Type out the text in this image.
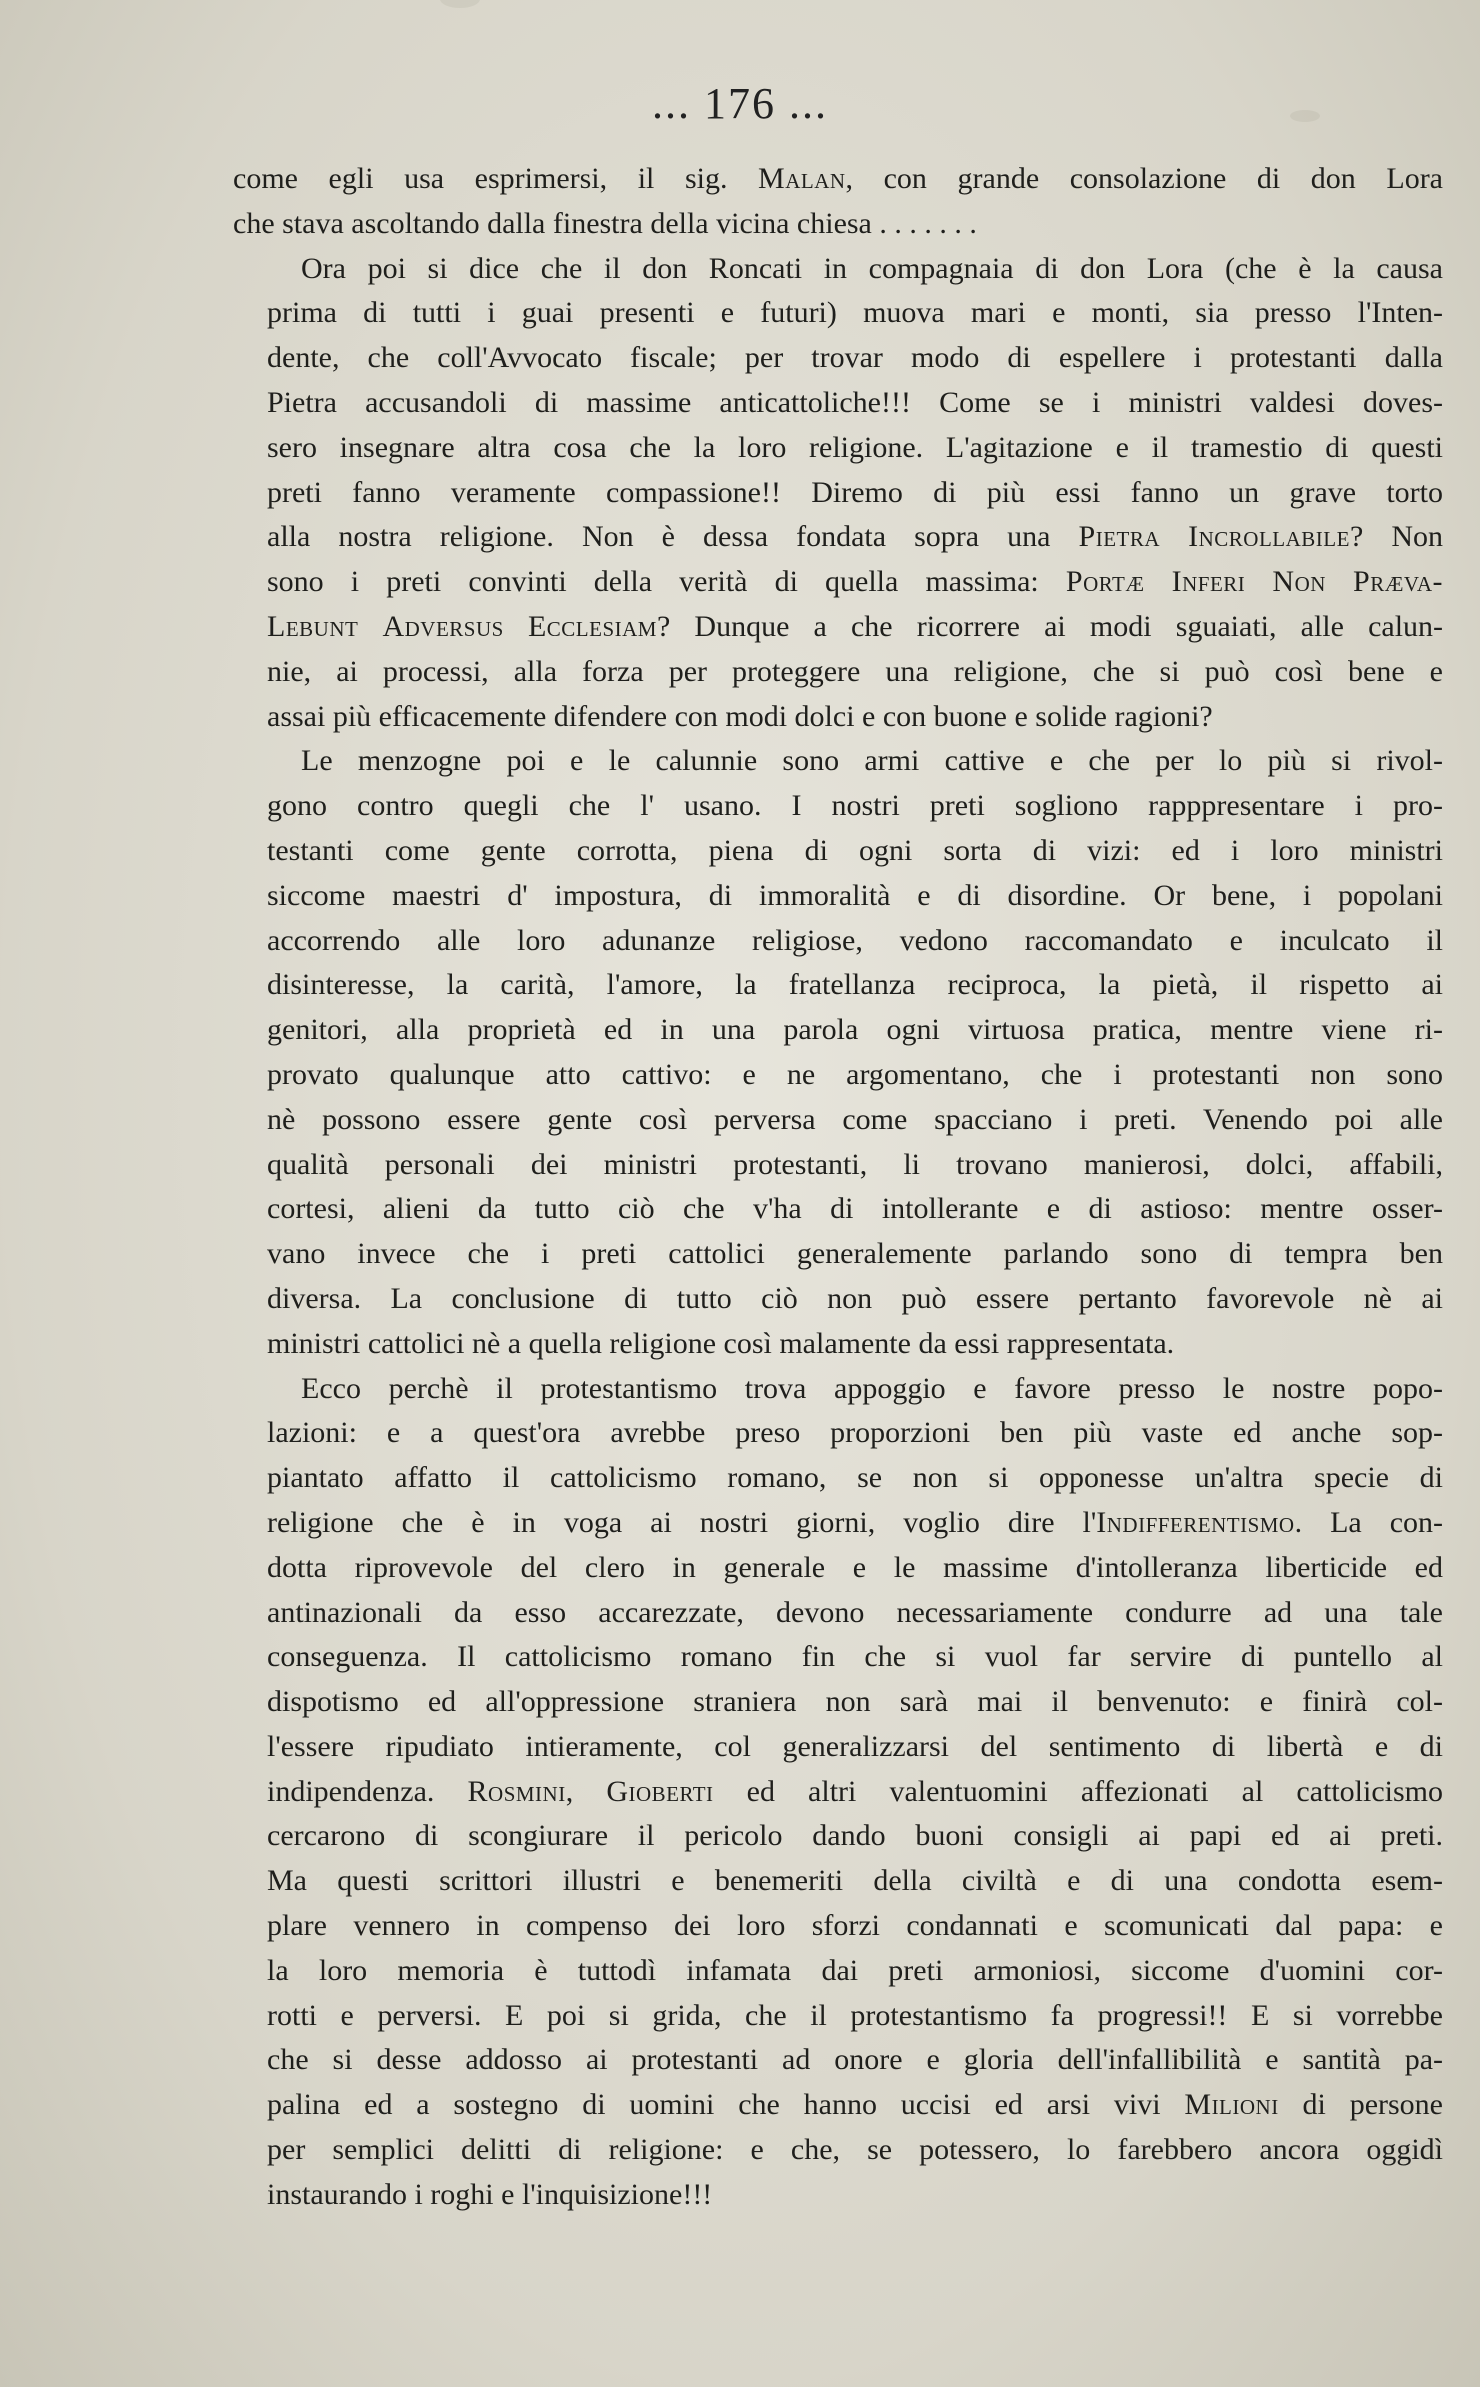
... 176 ...

come egli usa esprimersi, il sig. Malan, con grande consolazione di don Lora
che stava ascoltando dalla finestra della vicina chiesa . . . . . . .

Ora poi si dice che il don Roncati in compagnaia di don Lora (che è la causa
prima di tutti i guai presenti e futuri) muova mari e monti, sia presso l'Inten-
dente, che coll'Avvocato fiscale; per trovar modo di espellere i protestanti dalla
Pietra accusandoli di massime anticattoliche!!! Come se i ministri valdesi doves-
sero insegnare altra cosa che la loro religione. L'agitazione e il tramestio di questi
preti fanno veramente compassione!! Diremo di più essi fanno un grave torto
alla nostra religione. Non è dessa fondata sopra una Pietra Incrollabile? Non
sono i preti convinti della verità di quella massima: Portæ Inferi Non Præva-
Lebunt Adversus Ecclesiam? Dunque a che ricorrere ai modi sguaiati, alle calun-
nie, ai processi, alla forza per proteggere una religione, che si può così bene e
assai più efficacemente difendere con modi dolci e con buone e solide ragioni?

Le menzogne poi e le calunnie sono armi cattive e che per lo più si rivol-
gono contro quegli che l' usano. I nostri preti sogliono rapppresentare i pro-
testanti come gente corrotta, piena di ogni sorta di vizi: ed i loro ministri
siccome maestri d' impostura, di immoralità e di disordine. Or bene, i popolani
accorrendo alle loro adunanze religiose, vedono raccomandato e inculcato il
disinteresse, la carità, l'amore, la fratellanza reciproca, la pietà, il rispetto ai
genitori, alla proprietà ed in una parola ogni virtuosa pratica, mentre viene ri-
provato qualunque atto cattivo: e ne argomentano, che i protestanti non sono
nè possono essere gente così perversa come spacciano i preti. Venendo poi alle
qualità personali dei ministri protestanti, li trovano manierosi, dolci, affabili,
cortesi, alieni da tutto ciò che v'ha di intollerante e di astioso: mentre osser-
vano invece che i preti cattolici generalemente parlando sono di tempra ben
diversa. La conclusione di tutto ciò non può essere pertanto favorevole nè ai
ministri cattolici nè a quella religione così malamente da essi rappresentata.

Ecco perchè il protestantismo trova appoggio e favore presso le nostre popo-
lazioni: e a quest'ora avrebbe preso proporzioni ben più vaste ed anche sop-
piantato affatto il cattolicismo romano, se non si opponesse un'altra specie di
religione che è in voga ai nostri giorni, voglio dire l'Indifferentismo. La con-
dotta riprovevole del clero in generale e le massime d'intolleranza liberticide ed
antinazionali da esso accarezzate, devono necessariamente condurre ad una tale
conseguenza. Il cattolicismo romano fin che si vuol far servire di puntello al
dispotismo ed all'oppressione straniera non sarà mai il benvenuto: e finirà col-
l'essere ripudiato intieramente, col generalizzarsi del sentimento di libertà e di
indipendenza. Rosmini, Gioberti ed altri valentuomini affezionati al cattolicismo
cercarono di scongiurare il pericolo dando buoni consigli ai papi ed ai preti.
Ma questi scrittori illustri e benemeriti della civiltà e di una condotta esem-
plare vennero in compenso dei loro sforzi condannati e scomunicati dal papa: e
la loro memoria è tuttodì infamata dai preti armoniosi, siccome d'uomini cor-
rotti e perversi. E poi si grida, che il protestantismo fa progressi!! E si vorrebbe
che si desse addosso ai protestanti ad onore e gloria dell'infallibilità e santità pa-
palina ed a sostegno di uomini che hanno uccisi ed arsi vivi Milioni di persone
per semplici delitti di religione: e che, se potessero, lo farebbero ancora oggidì
instaurando i roghi e l'inquisizione!!!
